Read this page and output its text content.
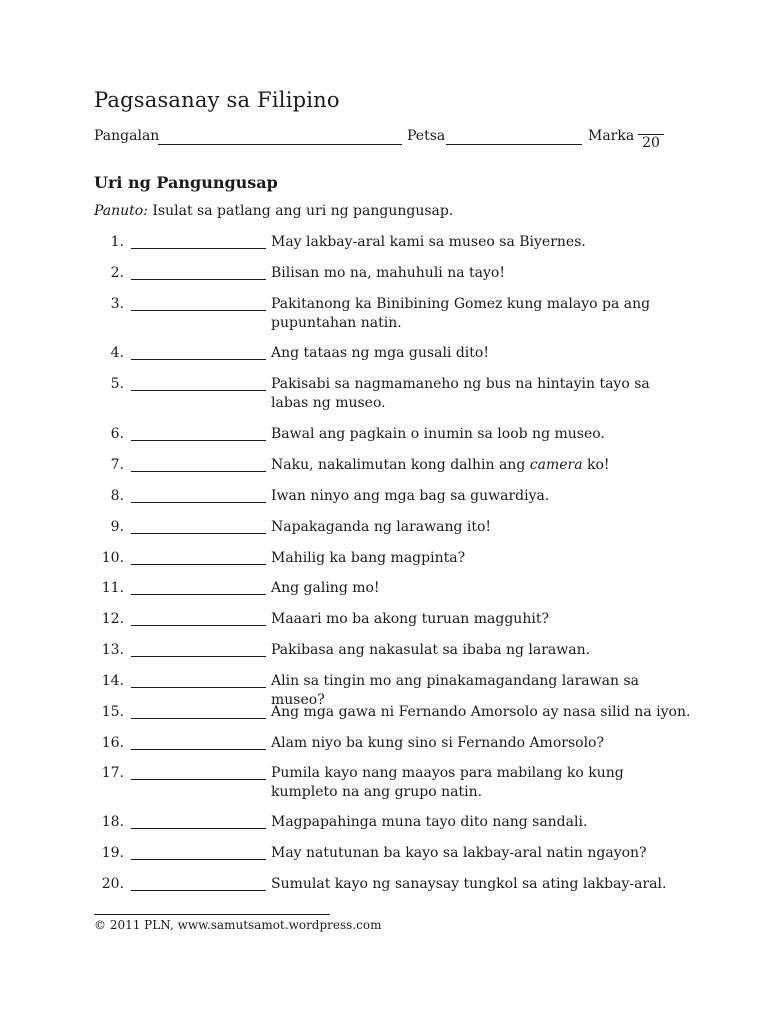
Pagsasanay sa Filipino
Pangalan	Petsa	Marka 20
Uri ng Pangungusap
Panuto: Isulat sa patlang ang uri ng pangungusap.
1.	May lakbay-aral kami sa museo sa Biyernes.
2.	Bilisan mo na, mahuhuli na tayo!
3.	Pakitanong ka Binibining Gomez kung malayo pa ang pupuntahan natin.
4.	Ang tataas ng mga gusali dito!
5.	Pakisabi sa nagmamaneho ng bus na hintayin tayo sa labas ng museo.
6.	Bawal ang pagkain o inumin sa loob ng museo.
7.	Naku, nakalimutan kong dalhin ang camera ko!
8.	Iwan ninyo ang mga bag sa guwardiya.
9.	Napakaganda ng larawang ito!
10.	Mahilig ka bang magpinta?
11.	Ang galing mo!
12.	Maaari mo ba akong turuan magguhit?
13.	Pakibasa ang nakasulat sa ibaba ng larawan.
14.	Alin sa tingin mo ang pinakamagandang larawan sa museo?
15.	Ang mga gawa ni Fernando Amorsolo ay nasa silid na iyon.
16.	Alam niyo ba kung sino si Fernando Amorsolo?
17.	Pumila kayo nang maayos para mabilang ko kung kumpleto na ang grupo natin.
18.	Magpapahinga muna tayo dito nang sandali.
19.	May natutunan ba kayo sa lakbay-aral natin ngayon?
20.	Sumulat kayo ng sanaysay tungkol sa ating lakbay-aral.
© 2011 PLN, www.samutsamot.wordpress.com
